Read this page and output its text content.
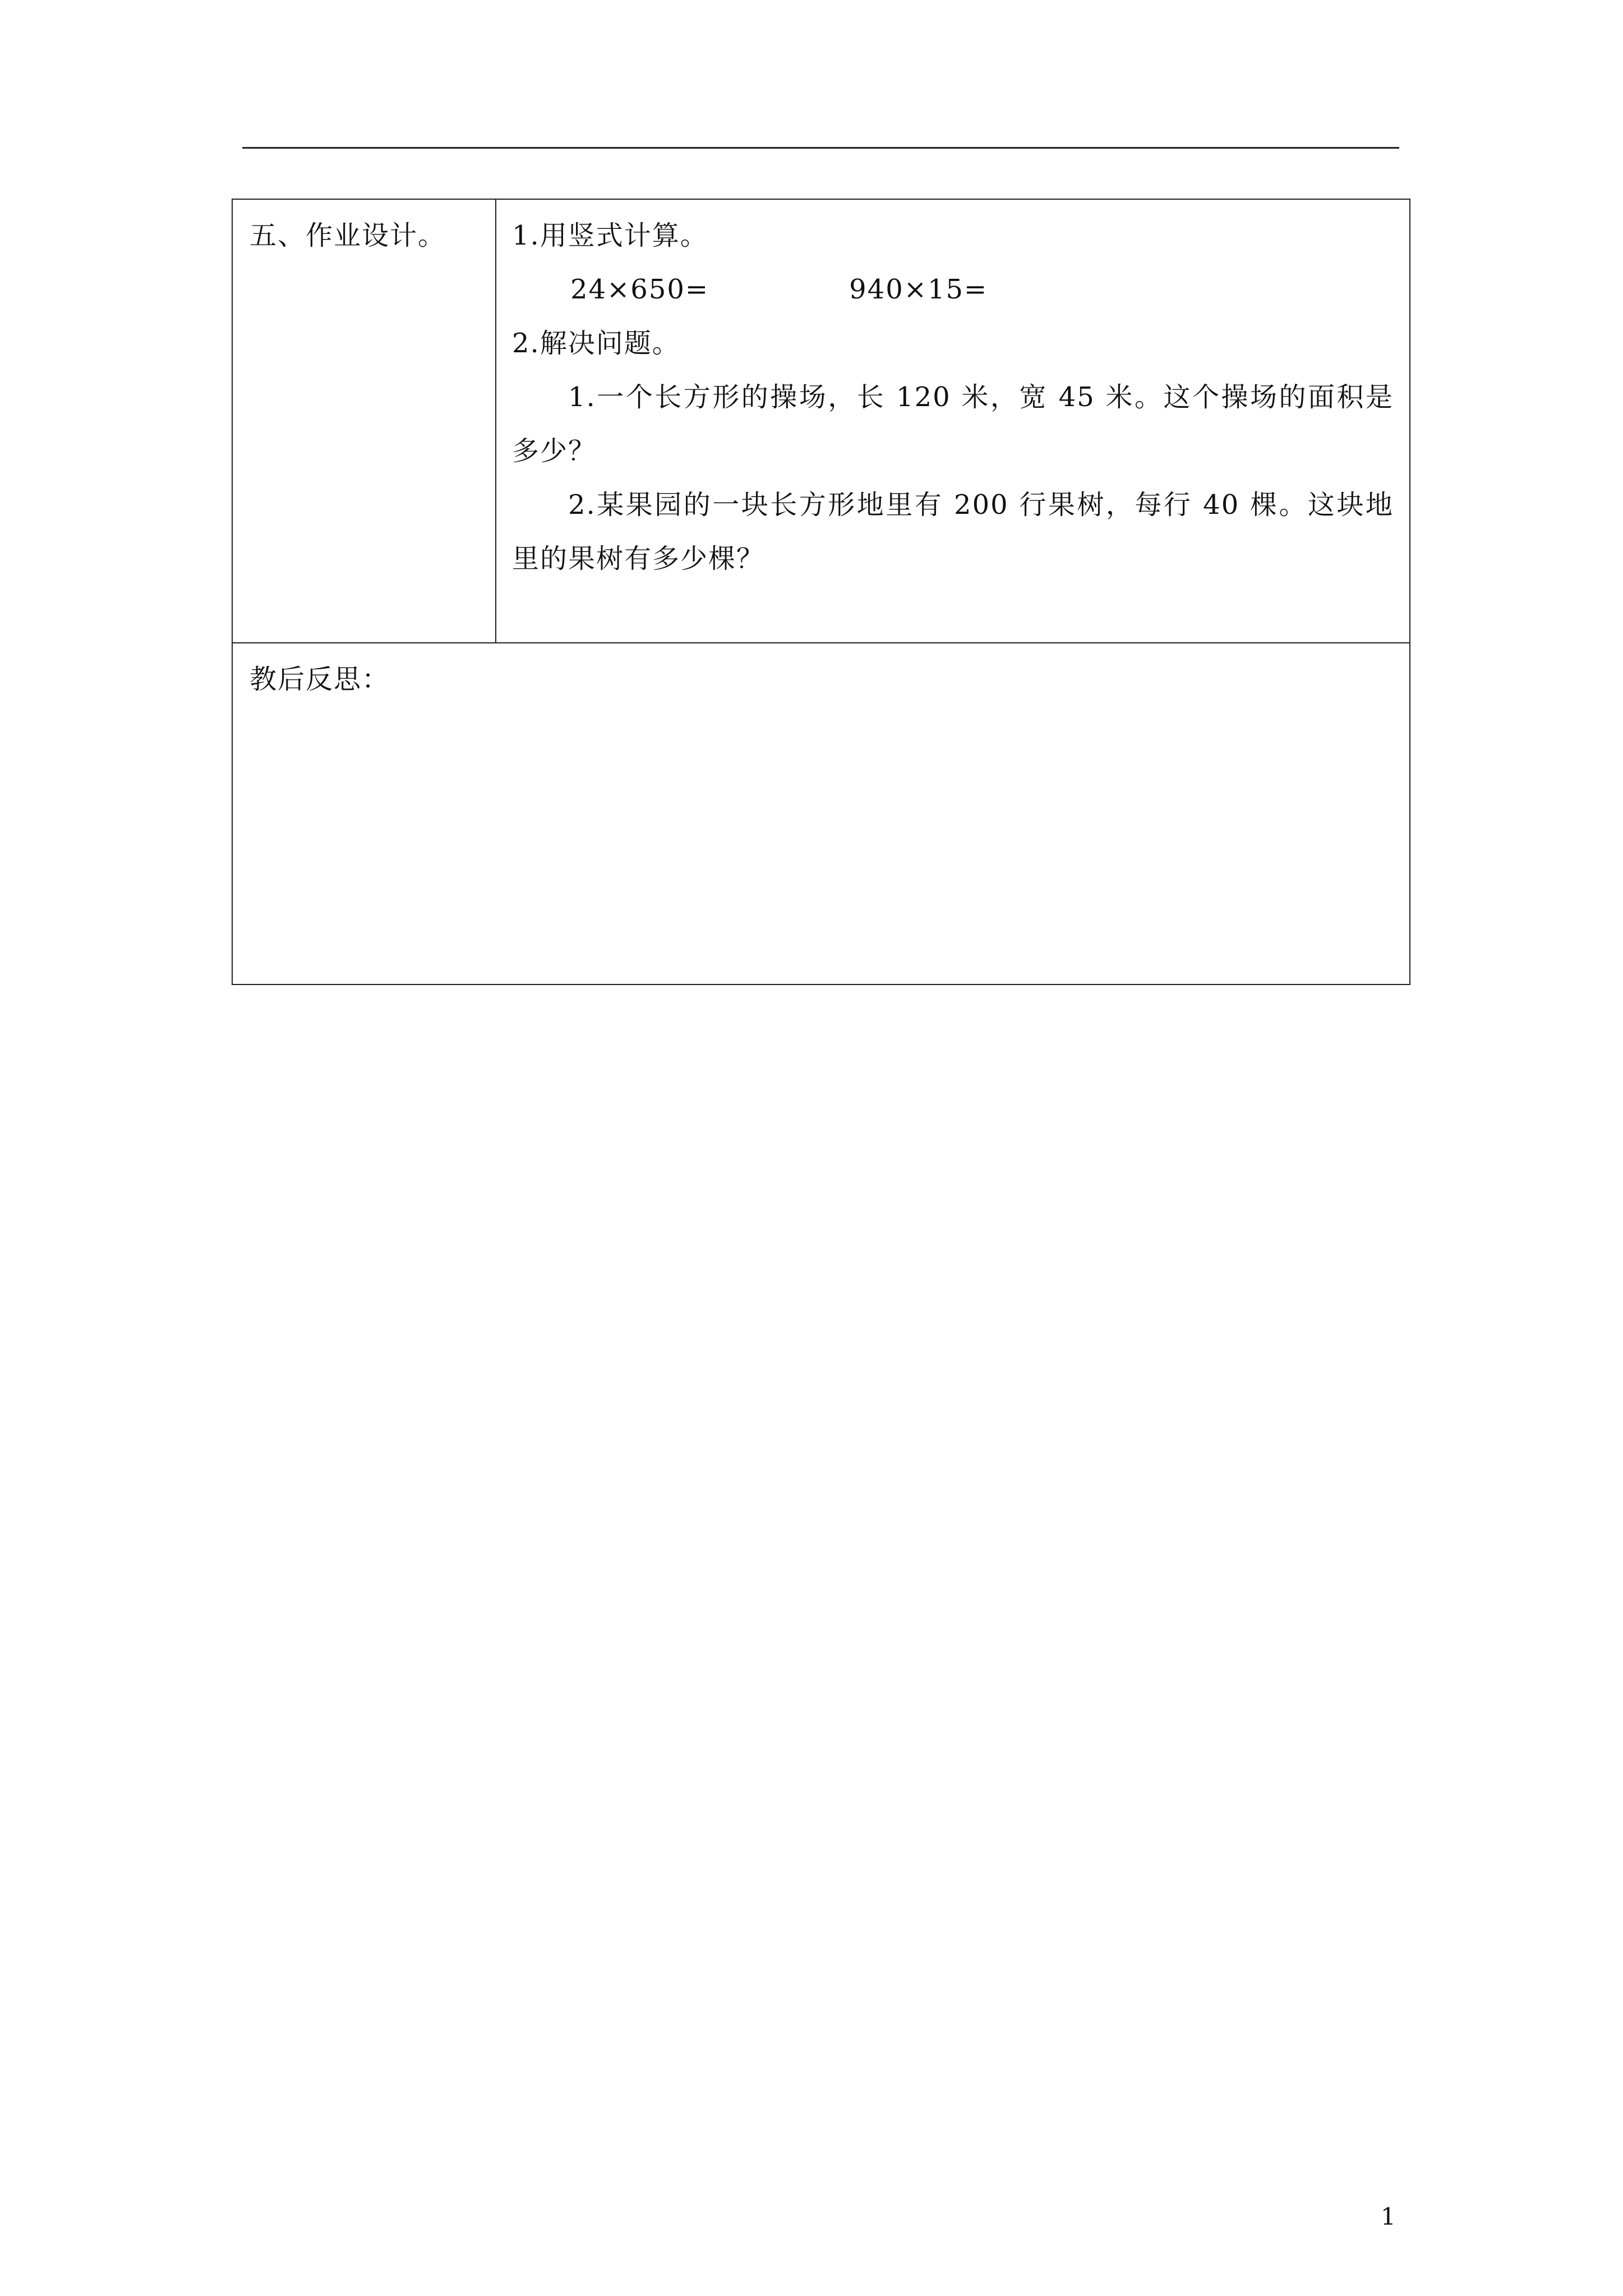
五、作业设计。	1.用竖式计算。
24×650=	940×15=
2.解决问题。
1.一个长方形的操场，长 120 米，宽 45 米。这个操场的面积是多少？
2.某果园的一块长方形地里有 200 行果树，每行 40 棵。这块地里的果树有多少棵？

教后反思：
1
